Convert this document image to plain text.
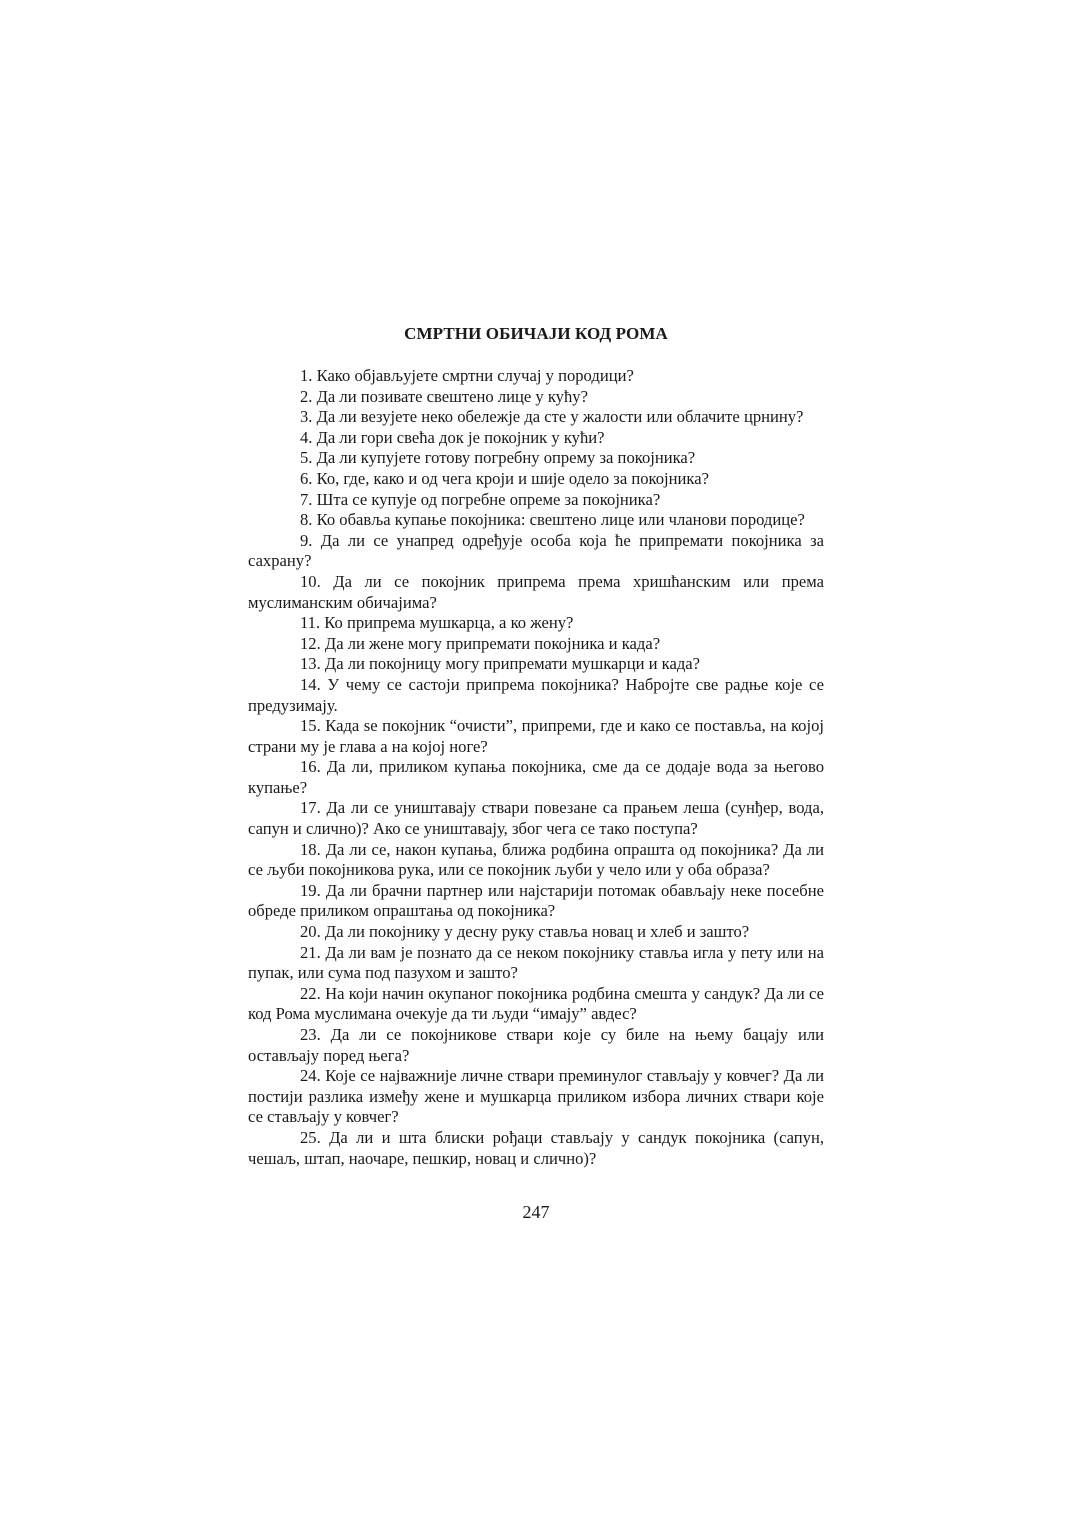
СМРТНИ ОБИЧАЈИ КОД РОМА
1. Како објављујете смртни случај у породици?
2. Да ли позивате свештено лице у кућу?
3. Да ли везујете неко обележје да сте у жалости или облачите црнину?
4. Да ли гори свећа док је покојник у кући?
5. Да ли купујете готову погребну опрему за покојника?
6. Ко, где, како и од чега кроји и шије одело за покојника?
7. Шта се купује од погребне опреме за покојника?
8. Ко обавља купање покојника: свештено лице или чланови породице?
9. Да ли се унапред одређује особа која ће припремати покојника за сахрану?
10. Да ли се покојник припрема према хришћанским или према муслиманским обичајима?
11. Ко припрема мушкарца, а ко жену?
12. Да ли жене могу припремати покојника и када?
13. Да ли покојницу могу припремати мушкарци и када?
14. У чему се састоји припрема покојника? Набројте све радње које се предузимају.
15. Када ѕе покојник “очисти”, припреми, где и како се поставља, на којој страни му је глава а на којој ноге?
16. Да ли, приликом купања покојника, сме да се додаје вода за његово купање?
17. Да ли се уништавају ствари повезане са прањем леша (сунђер, вода, сапун и слично)? Ако се уништавају, због чега се тако поступа?
18. Да ли се, након купања, ближа родбина опрашта од покојника? Да ли се љуби покојникова рука, или се покојник љуби у чело или у оба образа?
19. Да ли брачни партнер или најстарији потомак обављају неке посебне обреде приликом опраштања од покојника?
20. Да ли покојнику у десну руку ставља новац и хлеб и зашто?
21. Да ли вам је познато да се неком покојнику ставља игла у пету или на пупак, или сума под пазухом и зашто?
22. На који начин окупаног покојника родбина смешта у сандук? Да ли се код Рома муслимана очекује да ти људи “имају” авдес?
23. Да ли се покојникове ствари које су биле на њему бацају или остављају поред њега?
24. Које се најважније личне ствари преминулог стављају у ковчег? Да ли постији разлика између жене и мушкарца приликом избора личних ствари које се стављају у ковчег?
25. Да ли и шта блиски рођаци стављају у сандук покојника (сапун, чешаљ, штап, наочаре, пешкир, новац и слично)?

247
